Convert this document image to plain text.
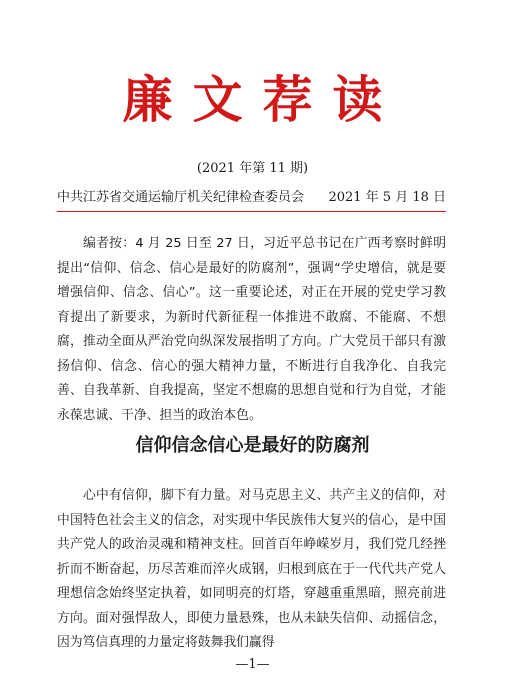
廉文荐读
(2021 年第 11 期)
中共江苏省交通运输厅机关纪律检查委员会 2021 年 5 月 18 日

编者按：4 月 25 日至 27 日，习近平总书记在广西考察时鲜明提出“信仰、信念、信心是最好的防腐剂”，强调“学史增信，就是要增强信仰、信念、信心”。这一重要论述，对正在开展的党史学习教育提出了新要求，为新时代新征程一体推进不敢腐、不能腐、不想腐，推动全面从严治党向纵深发展指明了方向。广大党员干部只有激扬信仰、信念、信心的强大精神力量，不断进行自我净化、自我完善、自我革新、自我提高，坚定不想腐的思想自觉和行为自觉，才能永葆忠诚、干净、担当的政治本色。

信仰信念信心是最好的防腐剂

心中有信仰，脚下有力量。对马克思主义、共产主义的信仰，对中国特色社会主义的信念，对实现中华民族伟大复兴的信心，是中国共产党人的政治灵魂和精神支柱。回首百年峥嵘岁月，我们党几经挫折而不断奋起，历尽苦难而淬火成钢，归根到底在于一代代共产党人理想信念始终坚定执着，如同明亮的灯塔，穿越重重黑暗，照亮前进方向。面对强悍敌人，即使力量悬殊，也从未缺失信仰、动摇信念，因为笃信真理的力量定将鼓舞我们赢得

—1—
